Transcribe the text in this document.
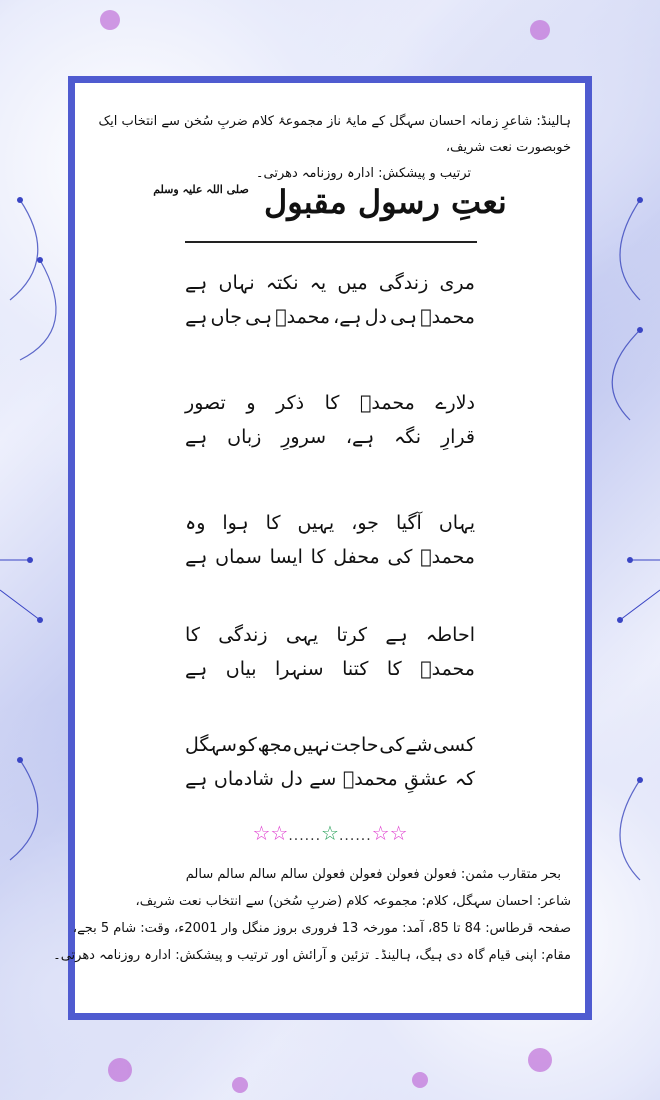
ہالینڈ: شاعرِ زمانہ احسان سہگل کے مایۂ ناز مجموعۂ کلام ضربِ سُخن سے انتخاب ایک خوبصورت نعت شریف،
ترتیب و پیشکش: ادارہ روزنامہ دھرتی۔
نعتِ رسول مقبول $^{صلی اللہ علیہ وسلم}$
مری
زندگی
میں
یہ
نکتہ
نہاں
ہے
محمدؐ
ہی
دل
ہے،
محمدؐ
ہی
جاں
ہے
دلارے
محمدؐ
کا
ذکر
و
تصور
قرارِ
نگہ
ہے،
سرورِ
زباں
ہے
یہاں
آگیا
جو،
یہیں
کا
ہوا
وہ
محمدؐ
کی
محفل
کا
ایسا
سماں
ہے
احاطہ
ہے
کرتا
یہی
زندگی
کا
محمدؐ
کا
کتنا
سنہرا
بیاں
ہے
کسی
شے
کی
حاجت
نہیں
مجھ
کو
سہگل
کہ
عشقِ
محمدؐ
سے
دل
شادماں
ہے
☆☆......☆......☆☆
بحر متقارب مثمن: فعولن فعولن فعولن فعولن سالم سالم سالم سالم
شاعر: احسان سہگل، کلام: مجموعہ کلام (ضربِ سُخن) سے انتخاب نعت شریف،
صفحہ قرطاس: 84 تا 85، آمد: مورخہ 13 فروری بروز منگل وار 2001ء، وقت: شام 5 بجے،
مقام: اپنی قیام گاہ دی ہیگ، ہالینڈ۔ تزئین و آرائش اور ترتیب و پیشکش: ادارہ روزنامہ دھرتی۔
